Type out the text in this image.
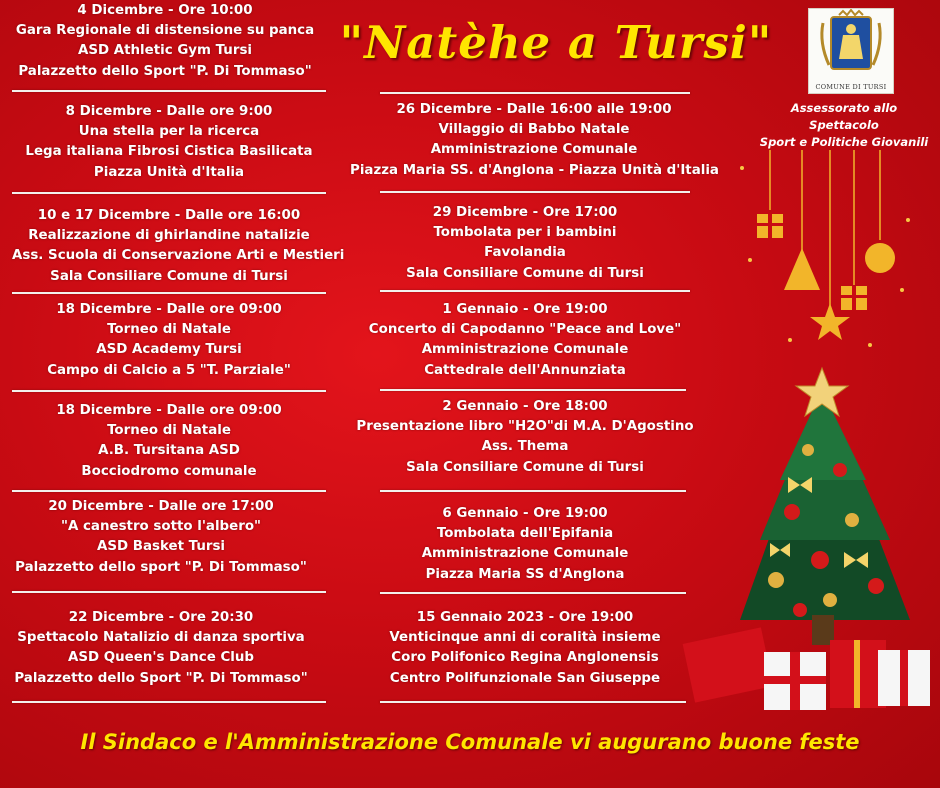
"Natèhe a Tursi"
COMUNE DI TURSI
Assessorato allo Spettacolo
Sport e Politiche Giovanili
4 Dicembre - Ore 10:00
Gara Regionale di distensione su panca
ASD Athletic Gym Tursi
Palazzetto dello Sport "P. Di Tommaso"
8 Dicembre - Dalle ore 9:00
Una stella per la ricerca
Lega italiana Fibrosi Cistica Basilicata
Piazza Unità d'Italia
10 e 17 Dicembre - Dalle ore 16:00
Realizzazione di ghirlandine natalizie
Ass. Scuola di Conservazione Arti e Mestieri
Sala Consiliare Comune di Tursi
18 Dicembre - Dalle ore 09:00
Torneo di Natale
ASD Academy Tursi
Campo di Calcio a 5 "T. Parziale"
18 Dicembre - Dalle ore 09:00
Torneo di Natale
A.B. Tursitana ASD
Bocciodromo comunale
20 Dicembre - Dalle ore 17:00
"A canestro sotto l'albero"
ASD Basket Tursi
Palazzetto dello sport "P. Di Tommaso"
22 Dicembre - Ore 20:30
Spettacolo Natalizio di danza sportiva
ASD Queen's Dance Club
Palazzetto dello Sport "P. Di Tommaso"
26 Dicembre - Dalle 16:00 alle 19:00
Villaggio di Babbo Natale
Amministrazione Comunale
Piazza Maria SS. d'Anglona - Piazza Unità d'Italia
29 Dicembre - Ore 17:00
Tombolata per i bambini
Favolandia
Sala Consiliare Comune di Tursi
1 Gennaio - Ore 19:00
Concerto di Capodanno "Peace and Love"
Amministrazione Comunale
Cattedrale dell'Annunziata
2 Gennaio - Ore 18:00
Presentazione libro "H2O"di M.A. D'Agostino
Ass. Thema
Sala Consiliare Comune di Tursi
6 Gennaio - Ore 19:00
Tombolata dell'Epifania
Amministrazione Comunale
Piazza Maria SS d'Anglona
15 Gennaio 2023 - Ore 19:00
Venticinque anni di coralità insieme
Coro Polifonico Regina Anglonensis
Centro Polifunzionale San Giuseppe
Il Sindaco e l'Amministrazione Comunale vi augurano buone feste
